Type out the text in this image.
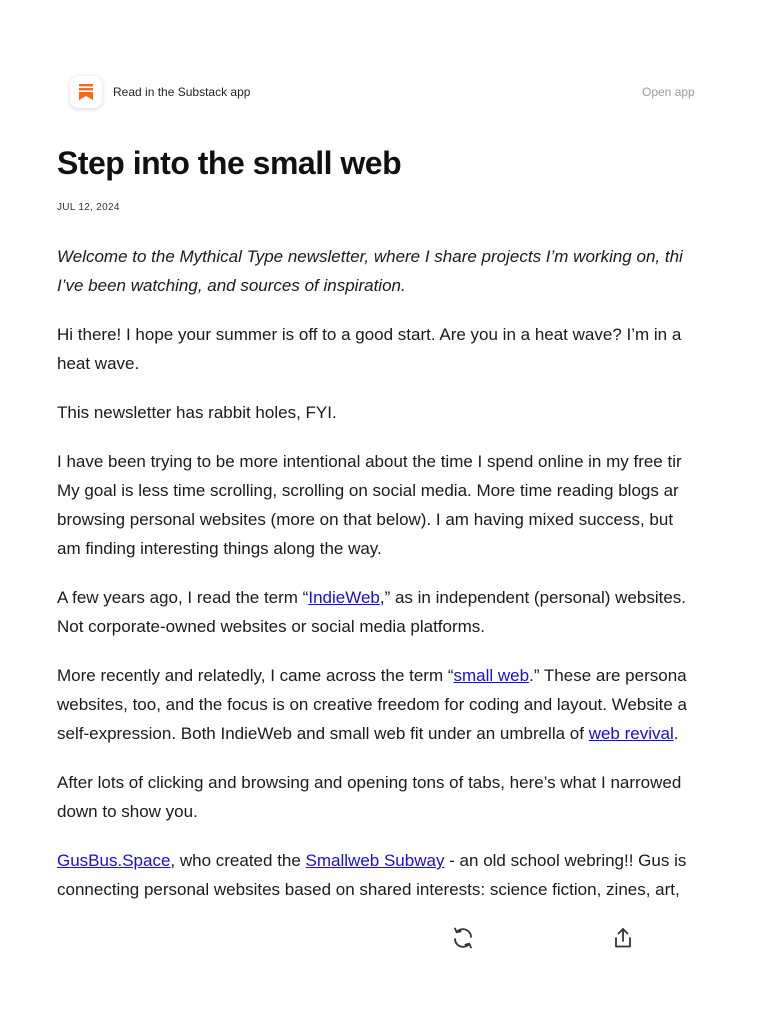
Read in the Substack app	Open app
Step into the small web
JUL 12, 2024

Welcome to the Mythical Type newsletter, where I share projects I’m working on, thi
I’ve been watching, and sources of inspiration.

Hi there! I hope your summer is off to a good start. Are you in a heat wave? I’m in a
heat wave.

This newsletter has rabbit holes, FYI.

I have been trying to be more intentional about the time I spend online in my free tir
My goal is less time scrolling, scrolling on social media. More time reading blogs ar
browsing personal websites (more on that below). I am having mixed success, but
am finding interesting things along the way.

A few years ago, I read the term “IndieWeb,” as in independent (personal) websites.
Not corporate-owned websites or social media platforms.

More recently and relatedly, I came across the term “small web.” These are persona
websites, too, and the focus is on creative freedom for coding and layout. Website a
self-expression. Both IndieWeb and small web fit under an umbrella of web revival.

After lots of clicking and browsing and opening tons of tabs, here’s what I narrowed
down to show you.

GusBus.Space, who created the Smallweb Subway - an old school webring!! Gus is
connecting personal websites based on shared interests: science fiction, zines, art,
